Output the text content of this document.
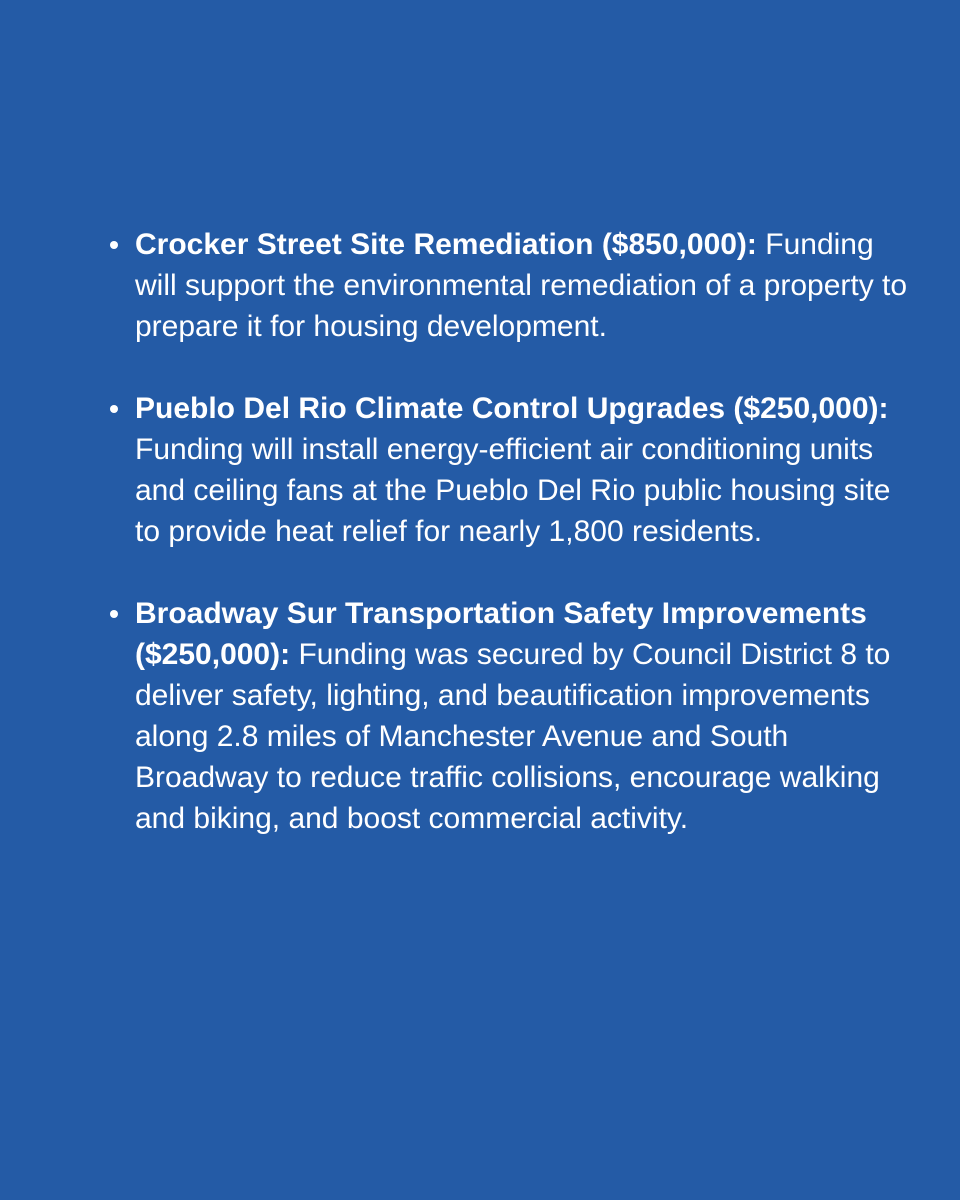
Crocker Street Site Remediation ($850,000): Funding will support the environmental remediation of a property to prepare it for housing development.
Pueblo Del Rio Climate Control Upgrades ($250,000): Funding will install energy-efficient air conditioning units and ceiling fans at the Pueblo Del Rio public housing site to provide heat relief for nearly 1,800 residents.
Broadway Sur Transportation Safety Improvements ($250,000): Funding was secured by Council District 8 to deliver safety, lighting, and beautification improvements along 2.8 miles of Manchester Avenue and South Broadway to reduce traffic collisions, encourage walking and biking, and boost commercial activity.
